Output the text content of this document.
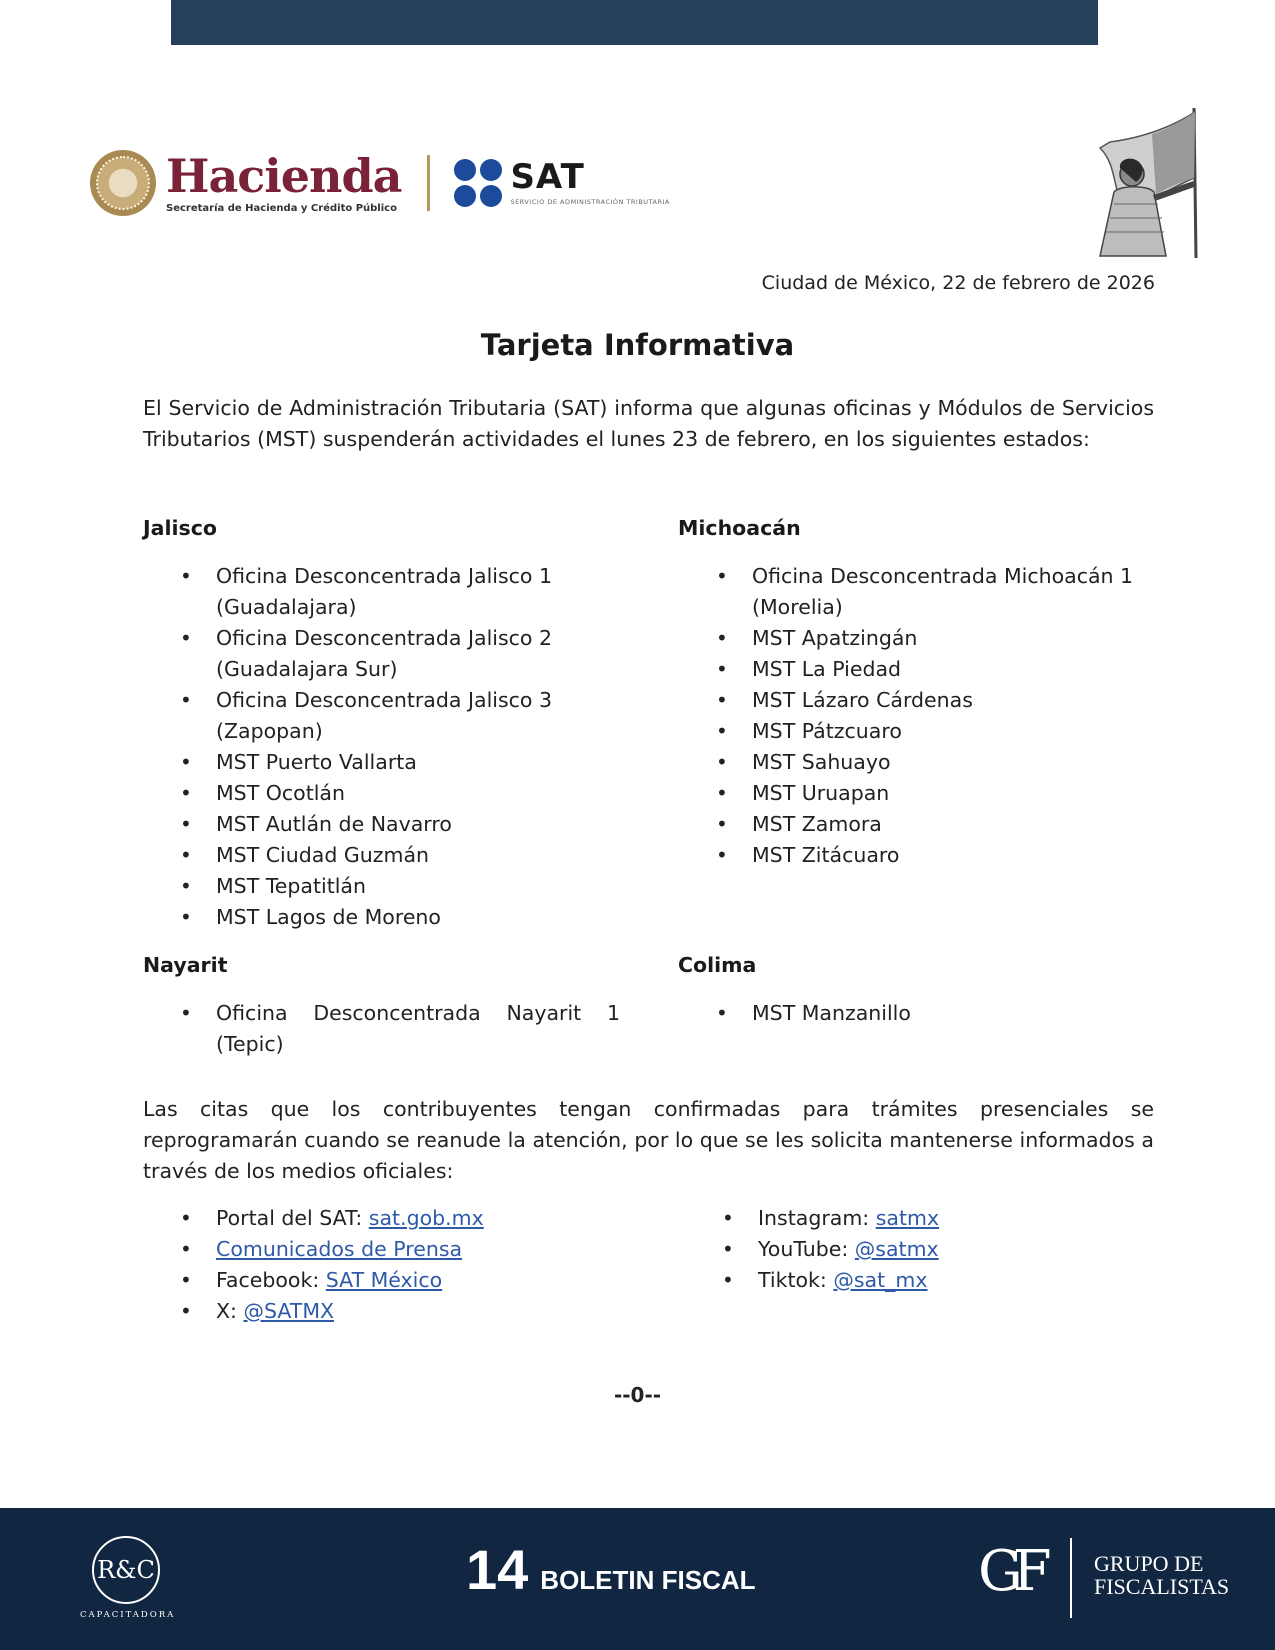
Hacienda
Secretaría de Hacienda y Crédito Público
SAT
SERVICIO DE ADMINISTRACIÓN TRIBUTARIA
Ciudad de México, 22 de febrero de 2026
Tarjeta Informativa

El Servicio de Administración Tributaria (SAT) informa que algunas oficinas y Módulos de Servicios Tributarios (MST) suspenderán actividades el lunes 23 de febrero, en los siguientes estados:

Jalisco
• Oficina Desconcentrada Jalisco 1 (Guadalajara)
• Oficina Desconcentrada Jalisco 2 (Guadalajara Sur)
• Oficina Desconcentrada Jalisco 3 (Zapopan)
• MST Puerto Vallarta
• MST Ocotlán
• MST Autlán de Navarro
• MST Ciudad Guzmán
• MST Tepatitlán
• MST Lagos de Moreno
Michoacán
• Oficina Desconcentrada Michoacán 1 (Morelia)
• MST Apatzingán
• MST La Piedad
• MST Lázaro Cárdenas
• MST Pátzcuaro
• MST Sahuayo
• MST Uruapan
• MST Zamora
• MST Zitácuaro
Nayarit
• Oficina Desconcentrada Nayarit 1 (Tepic)
Colima
• MST Manzanillo

Las citas que los contribuyentes tengan confirmadas para trámites presenciales se reprogramarán cuando se reanude la atención, por lo que se les solicita mantenerse informados a través de los medios oficiales:

• Portal del SAT: sat.gob.mx
• Comunicados de Prensa
• Facebook: SAT México
• X: @SATMX
• Instagram: satmx
• YouTube: @satmx
• Tiktok: @sat_mx
--0--
R&C
CAPACITADORA
14 BOLETIN FISCAL	GF GRUPO DE
FISCALISTAS
